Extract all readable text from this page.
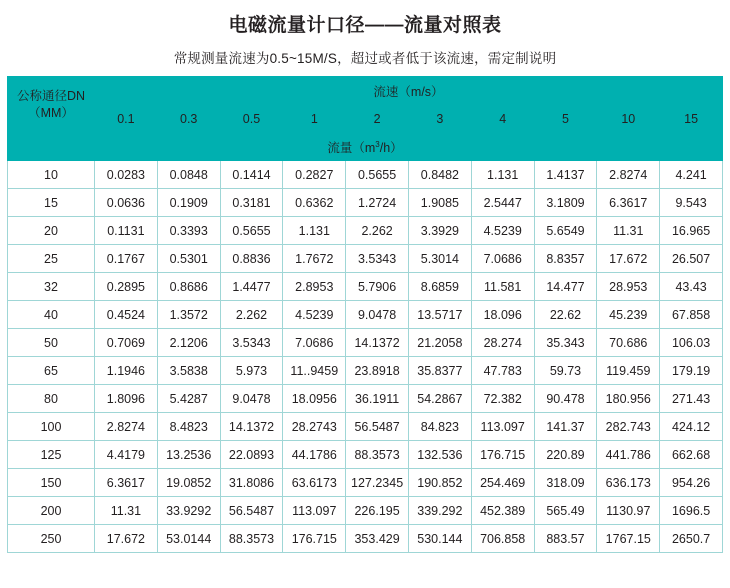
电磁流量计口径——流量对照表
常规测量流速为0.5~15M/S，超过或者低于该流速，需定制说明
公称通径DN
（MM）	流速（m/s）									
	0.1	0.3	0.5	1	2	3	4	5	10	15
流量$(m^3/h)$										
10	0.0283	0.0848	0.1414	0.2827	0.5655	0.8482	1.131	1.4137	2.8274	4.241
15	0.0636	0.1909	0.3181	0.6362	1.2724	1.9085	2.5447	3.1809	6.3617	9.543
20	0.1131	0.3393	0.5655	1.131	2.262	3.3929	4.5239	5.6549	11.31	16.965
25	0.1767	0.5301	0.8836	1.7672	3.5343	5.3014	7.0686	8.8357	17.672	26.507
32	0.2895	0.8686	1.4477	2.8953	5.7906	8.6859	11.581	14.477	28.953	43.43
40	0.4524	1.3572	2.262	4.5239	9.0478	13.5717	18.096	22.62	45.239	67.858
50	0.7069	2.1206	3.5343	7.0686	14.1372	21.2058	28.274	35.343	70.686	106.03
65	1.1946	3.5838	5.973	11..9459	23.8918	35.8377	47.783	59.73	119.459	179.19
80	1.8096	5.4287	9.0478	18.0956	36.1911	54.2867	72.382	90.478	180.956	271.43
100	2.8274	8.4823	14.1372	28.2743	56.5487	84.823	113.097	141.37	282.743	424.12
125	4.4179	13.2536	22.0893	44.1786	88.3573	132.536	176.715	220.89	441.786	662.68
150	6.3617	19.0852	31.8086	63.6173	127.2345	190.852	254.469	318.09	636.173	954.26
200	11.31	33.9292	56.5487	113.097	226.195	339.292	452.389	565.49	1130.97	1696.5
250	17.672	53.0144	88.3573	176.715	353.429	530.144	706.858	883.57	1767.15	2650.7
